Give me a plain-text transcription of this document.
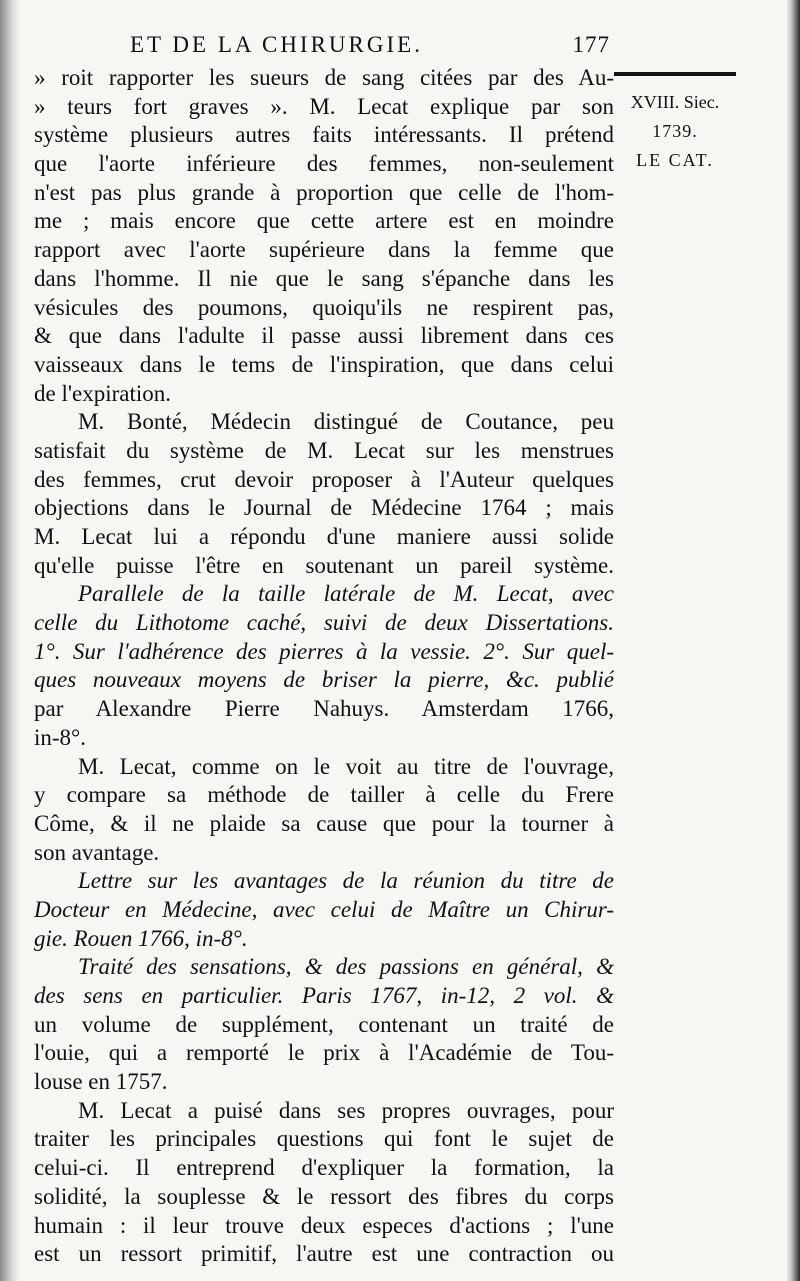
ET DE LA CHIRURGIE.	177
XVIII. Siec.
1739.
LE CAT.
» roit rapporter les sueurs de sang citées par des Au-
» teurs fort graves ». M. Lecat explique par son
système plusieurs autres faits intéressants. Il prétend
que l'aorte inférieure des femmes, non-seulement
n'est pas plus grande à proportion que celle de l'hom-
me ; mais encore que cette artere est en moindre
rapport avec l'aorte supérieure dans la femme que
dans l'homme. Il nie que le sang s'épanche dans les
vésicules des poumons, quoiqu'ils ne respirent pas,
& que dans l'adulte il passe aussi librement dans ces
vaisseaux dans le tems de l'inspiration, que dans celui
de l'expiration.
M. Bonté, Médecin distingué de Coutance, peu
satisfait du système de M. Lecat sur les menstrues
des femmes, crut devoir proposer à l'Auteur quelques
objections dans le Journal de Médecine 1764 ; mais
M. Lecat lui a répondu d'une maniere aussi solide
qu'elle puisse l'être en soutenant un pareil système.
Parallele de la taille latérale de M. Lecat, avec
celle du Lithotome caché, suivi de deux Dissertations.
1°. Sur l'adhérence des pierres à la vessie. 2°. Sur quel-
ques nouveaux moyens de briser la pierre, &c. publié
par Alexandre Pierre Nahuys. Amsterdam 1766,
in-8°.
M. Lecat, comme on le voit au titre de l'ouvrage,
y compare sa méthode de tailler à celle du Frere
Côme, & il ne plaide sa cause que pour la tourner à
son avantage.
Lettre sur les avantages de la réunion du titre de
Docteur en Médecine, avec celui de Maître un Chirur-
gie. Rouen 1766, in-8°.
Traité des sensations, & des passions en général, &
des sens en particulier. Paris 1767, in-12, 2 vol. &
un volume de supplément, contenant un traité de
l'ouie, qui a remporté le prix à l'Académie de Tou-
louse en 1757.
M. Lecat a puisé dans ses propres ouvrages, pour
traiter les principales questions qui font le sujet de
celui-ci. Il entreprend d'expliquer la formation, la
solidité, la souplesse & le ressort des fibres du corps
humain : il leur trouve deux especes d'actions ; l'une
est un ressort primitif, l'autre est une contraction ou
